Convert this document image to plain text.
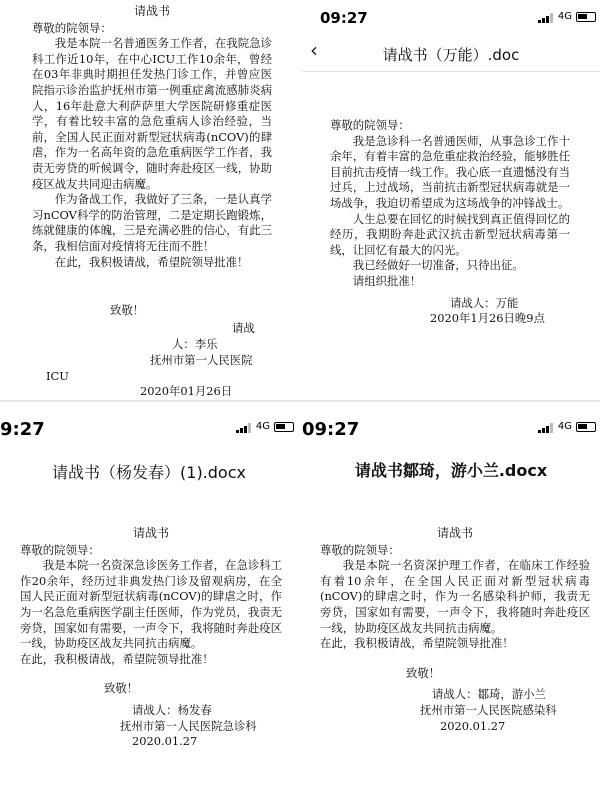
请战书
尊敬的院领导：
我是本院一名普通医务工作者，在我院急诊科工作近10年，在中心ICU工作10余年，曾经在03年非典时期担任发热门诊工作，并曾应医院指示诊治监护抚州市第一例重症禽流感肺炎病人，16年赴意大利萨萨里大学医院研修重症医学，有着比较丰富的急危重病人诊治经验，当前，全国人民正面对新型冠状病毒(nCOV)的肆虐，作为一名高年资的急危重病医学工作者，我责无旁贷的听候调令，随时奔赴疫区一线，协助疫区战友共同迎击病魔。
作为备战工作，我做好了三条，一是认真学习nCOV科学的防治管理，二是定期长跑锻炼，练就健康的体魄，三是充满必胜的信心，有此三条，我相信面对疫情将无往而不胜！
在此，我积极请战，希望院领导批准！
致敬！
请战
人：李乐
抚州市第一人民医院
ICU
2020年01月26日
09:27	4G
‹	请战书（万能）.doc
尊敬的院领导：
我是急诊科一名普通医师，从事急诊工作十余年，有着丰富的急危重症救治经验，能够胜任目前抗击疫情一线工作。我心底一直遗憾没有当过兵，上过战场，当前抗击新型冠状病毒就是一场战争，我迫切希望成为这场战争的冲锋战士。
人生总要在回忆的时候找到真正值得回忆的经历，我期盼奔赴武汉抗击新型冠状病毒第一线，让回忆有最大的闪光。
我已经做好一切准备，只待出征。
请组织批准！
请战人：万能
2020年1月26日晚9点
9:27	4G
请战书（杨发春）(1).docx
请战书
尊敬的院领导：
我是本院一名资深急诊医务工作者，在急诊科工作20余年，经历过非典发热门诊及留观病房，在全国人民正面对新型冠状病毒(nCOV)的肆虐之时，作为一名急危重病医学副主任医师，作为党员，我责无旁贷，国家如有需要，一声令下，我将随时奔赴疫区一线，协助疫区战友共同抗击病魔。
在此，我积极请战，希望院领导批准！
致敬！
请战人：杨发春
抚州市第一人民医院急诊科
2020.01.27
09:27	4G
请战书鄒琦，游小兰.docx
请战书
尊敬的院领导：
我是本院一名资深护理工作者，在临床工作经验有着10余年，在全国人民正面对新型冠状病毒(nCOV)的肆虐之时，作为一名感染科护师，我责无旁贷，国家如有需要，一声令下，我将随时奔赴疫区一线，协助疫区战友共同抗击病魔。
在此，我积极请战，希望院领导批准！
致敬！
请战人：鄒琦，游小兰
抚州市第一人民医院感染科
2020.01.27
